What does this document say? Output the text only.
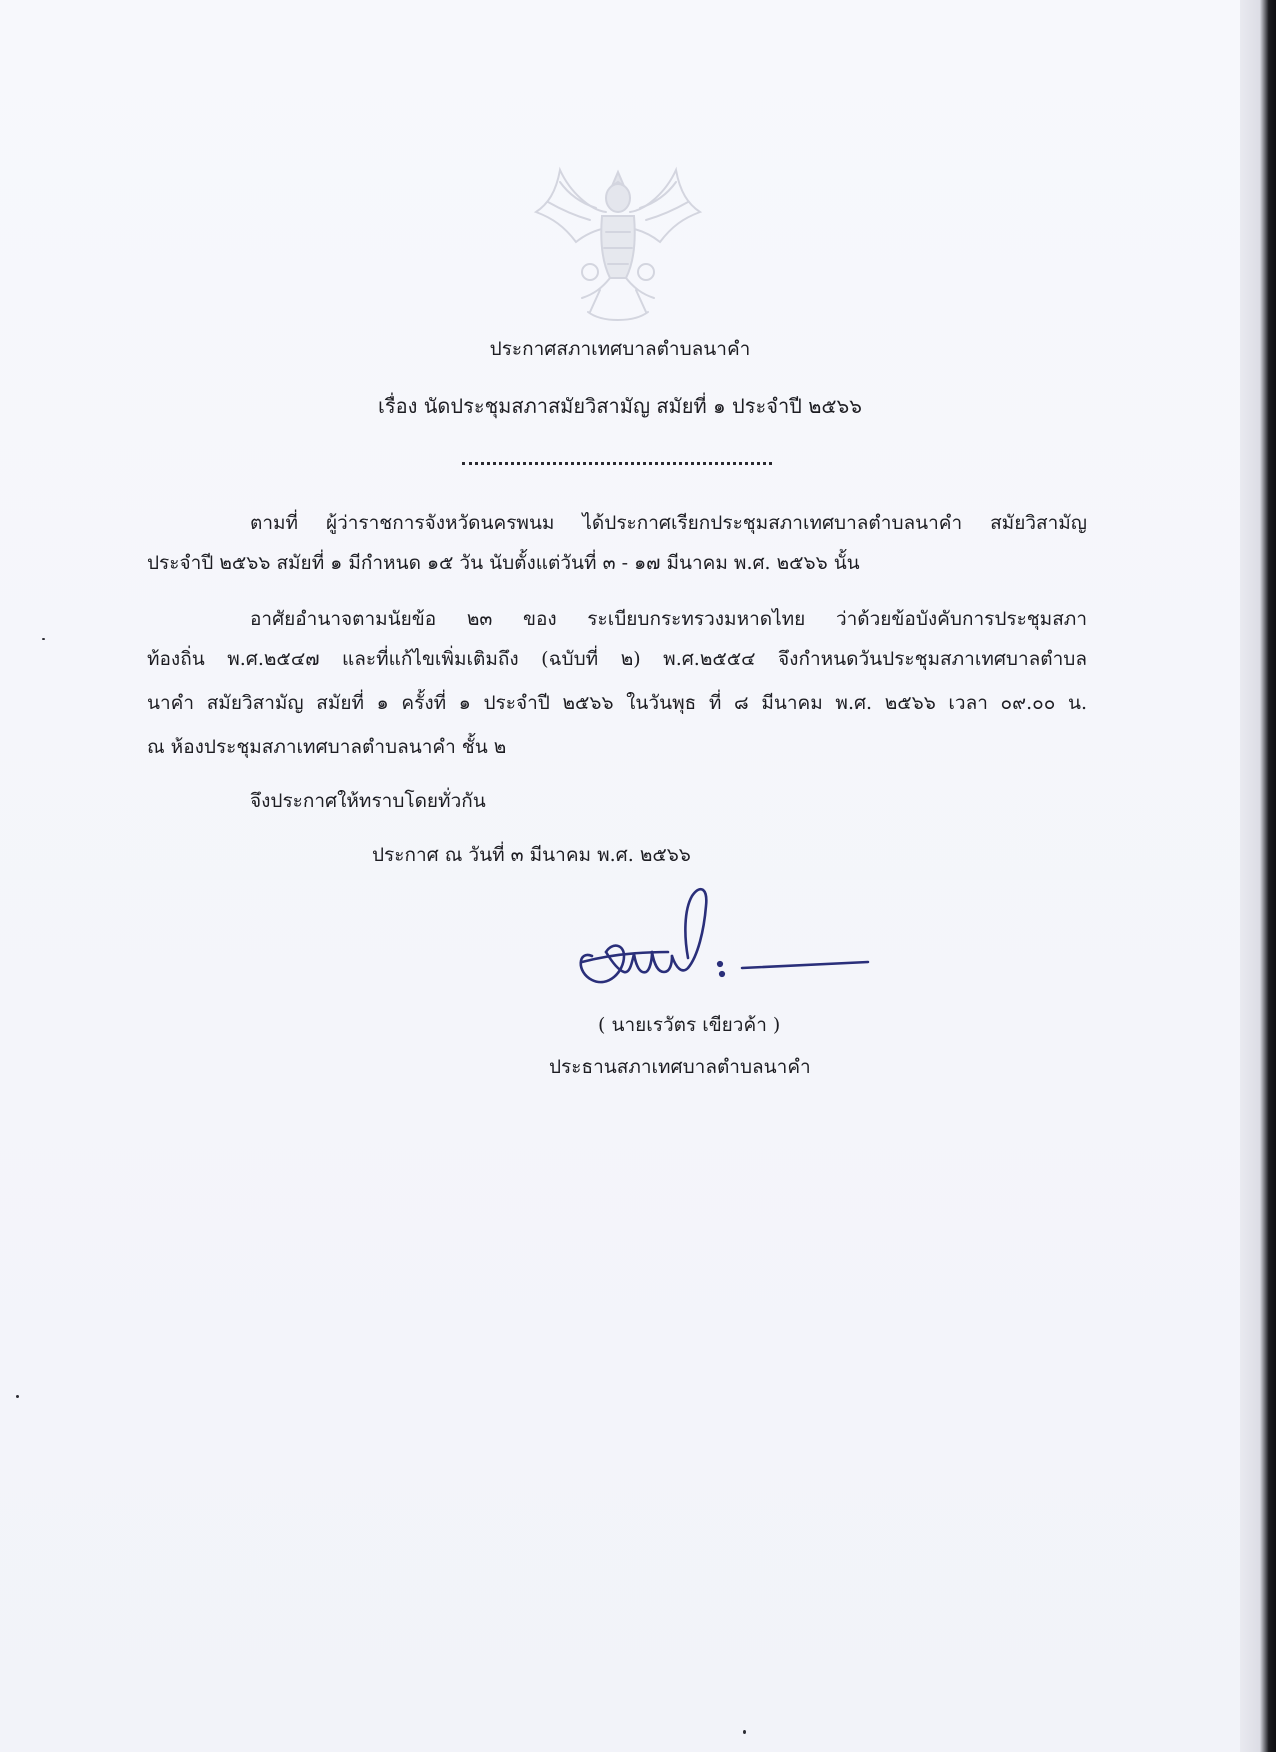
ประกาศสภาเทศบาลตำบลนาคำ
เรื่อง นัดประชุมสภาสมัยวิสามัญ สมัยที่ ๑ ประจำปี ๒๕๖๖
ตามที่ ผู้ว่าราชการจังหวัดนครพนม ได้ประกาศเรียกประชุมสภาเทศบาลตำบลนาคำ สมัยวิสามัญ
ประจำปี ๒๕๖๖ สมัยที่ ๑ มีกำหนด ๑๕ วัน นับตั้งแต่วันที่ ๓ - ๑๗ มีนาคม พ.ศ. ๒๕๖๖ นั้น
อาศัยอำนาจตามนัยข้อ ๒๓ ของ ระเบียบกระทรวงมหาดไทย ว่าด้วยข้อบังคับการประชุมสภา
ท้องถิ่น พ.ศ.๒๕๔๗ และที่แก้ไขเพิ่มเติมถึง (ฉบับที่ ๒) พ.ศ.๒๕๕๔ จึงกำหนดวันประชุมสภาเทศบาลตำบล
นาคำ สมัยวิสามัญ สมัยที่ ๑ ครั้งที่ ๑ ประจำปี ๒๕๖๖ ในวันพุธ ที่ ๘ มีนาคม พ.ศ. ๒๕๖๖ เวลา ๐๙.๐๐ น.
ณ ห้องประชุมสภาเทศบาลตำบลนาคำ ชั้น ๒
จึงประกาศให้ทราบโดยทั่วกัน
ประกาศ ณ วันที่ ๓ มีนาคม พ.ศ. ๒๕๖๖
( นายเรวัตร เขียวค้า )
ประธานสภาเทศบาลตำบลนาคำ
